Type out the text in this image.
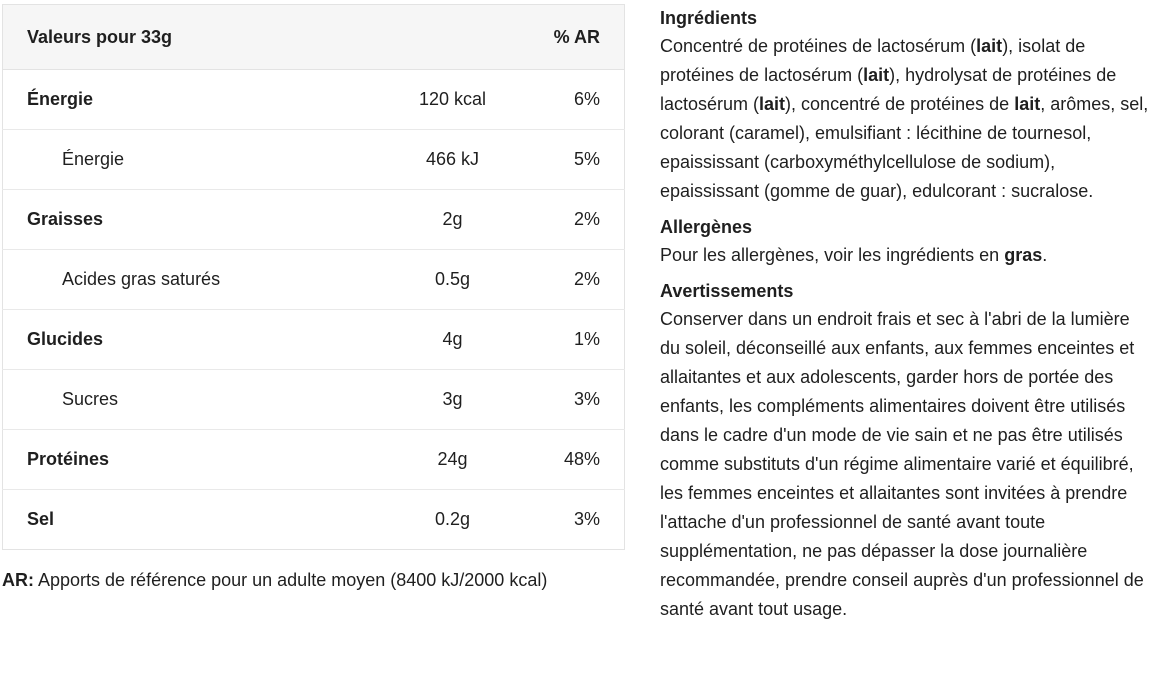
Valeurs pour 33g		% AR
Énergie	120 kcal	6%
Énergie	466 kJ	5%
Graisses	2g	2%
Acides gras saturés	0.5g	2%
Glucides	4g	1%
Sucres	3g	3%
Protéines	24g	48%
Sel	0.2g	3%
AR: Apports de référence pour un adulte moyen (8400 kJ/2000 kcal)
Ingrédients

Concentré de protéines de lactosérum (lait), isolat de protéines de lactosérum (lait), hydrolysat de protéines de lactosérum (lait), concentré de protéines de lait, arômes, sel, colorant (caramel), emulsifiant : lécithine de tournesol, epaississant (carboxyméthylcellulose de sodium), epaississant (gomme de guar), edulcorant : sucralose.

Allergènes

Pour les allergènes, voir les ingrédients en gras.

Avertissements

Conserver dans un endroit frais et sec à l'abri de la lumière du soleil, déconseillé aux enfants, aux femmes enceintes et allaitantes et aux adolescents, garder hors de portée des enfants, les compléments alimentaires doivent être utilisés dans le cadre d'un mode de vie sain et ne pas être utilisés comme substituts d'un régime alimentaire varié et équilibré, les femmes enceintes et allaitantes sont invitées à prendre l'attache d'un professionnel de santé avant toute supplémentation, ne pas dépasser la dose journalière recommandée, prendre conseil auprès d'un professionnel de santé avant tout usage.
